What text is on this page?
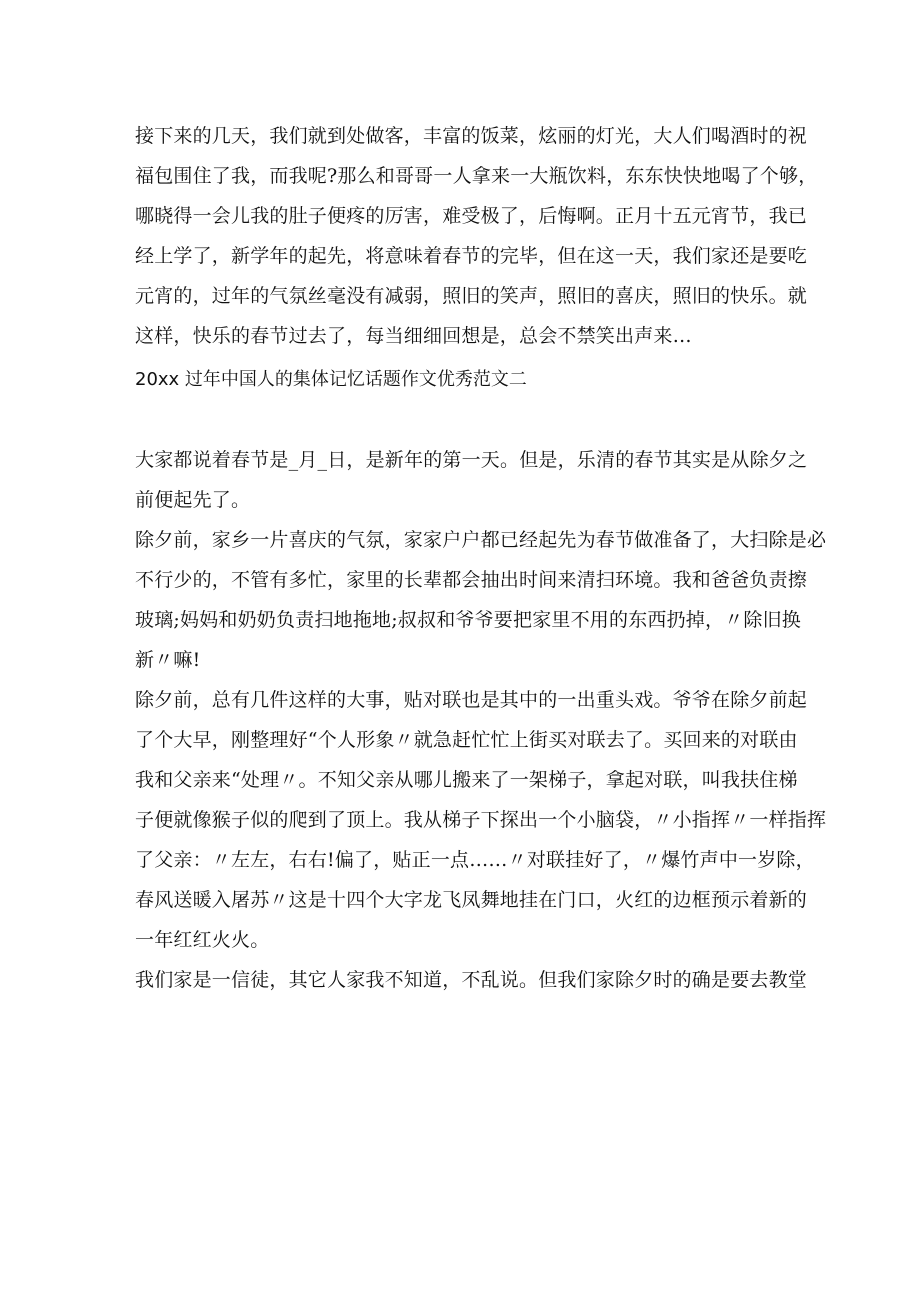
接下来的几天，我们就到处做客，丰富的饭菜，炫丽的灯光，大人们喝酒时的祝
福包围住了我，而我呢?那么和哥哥一人拿来一大瓶饮料，东东快快地喝了个够，
哪晓得一会儿我的肚子便疼的厉害，难受极了，后悔啊。正月十五元宵节，我已
经上学了，新学年的起先，将意味着春节的完毕，但在这一天，我们家还是要吃
元宵的，过年的气氛丝毫没有减弱，照旧的笑声，照旧的喜庆，照旧的快乐。就
这样，快乐的春节过去了，每当细细回想是，总会不禁笑出声来…
20xx 过年中国人的集体记忆话题作文优秀范文二
大家都说着春节是_月_日，是新年的第一天。但是，乐清的春节其实是从除夕之
前便起先了。
除夕前，家乡一片喜庆的气氛，家家户户都已经起先为春节做准备了，大扫除是必
不行少的，不管有多忙，家里的长辈都会抽出时间来清扫环境。我和爸爸负责擦
玻璃;妈妈和奶奶负责扫地拖地;叔叔和爷爷要把家里不用的东西扔掉，〃除旧换
新〃嘛!
除夕前，总有几件这样的大事，贴对联也是其中的一出重头戏。爷爷在除夕前起
了个大早，刚整理好“个人形象〃就急赶忙忙上街买对联去了。买回来的对联由
我和父亲来“处理〃。不知父亲从哪儿搬来了一架梯子，拿起对联，叫我扶住梯
子便就像猴子似的爬到了顶上。我从梯子下探出一个小脑袋，〃小指挥〃一样指挥
了父亲：〃左左，右右!偏了，贴正一点……〃对联挂好了，〃爆竹声中一岁除，
春风送暖入屠苏〃这是十四个大字龙飞凤舞地挂在门口，火红的边框预示着新的
一年红红火火。
我们家是一信徒，其它人家我不知道，不乱说。但我们家除夕时的确是要去教堂
